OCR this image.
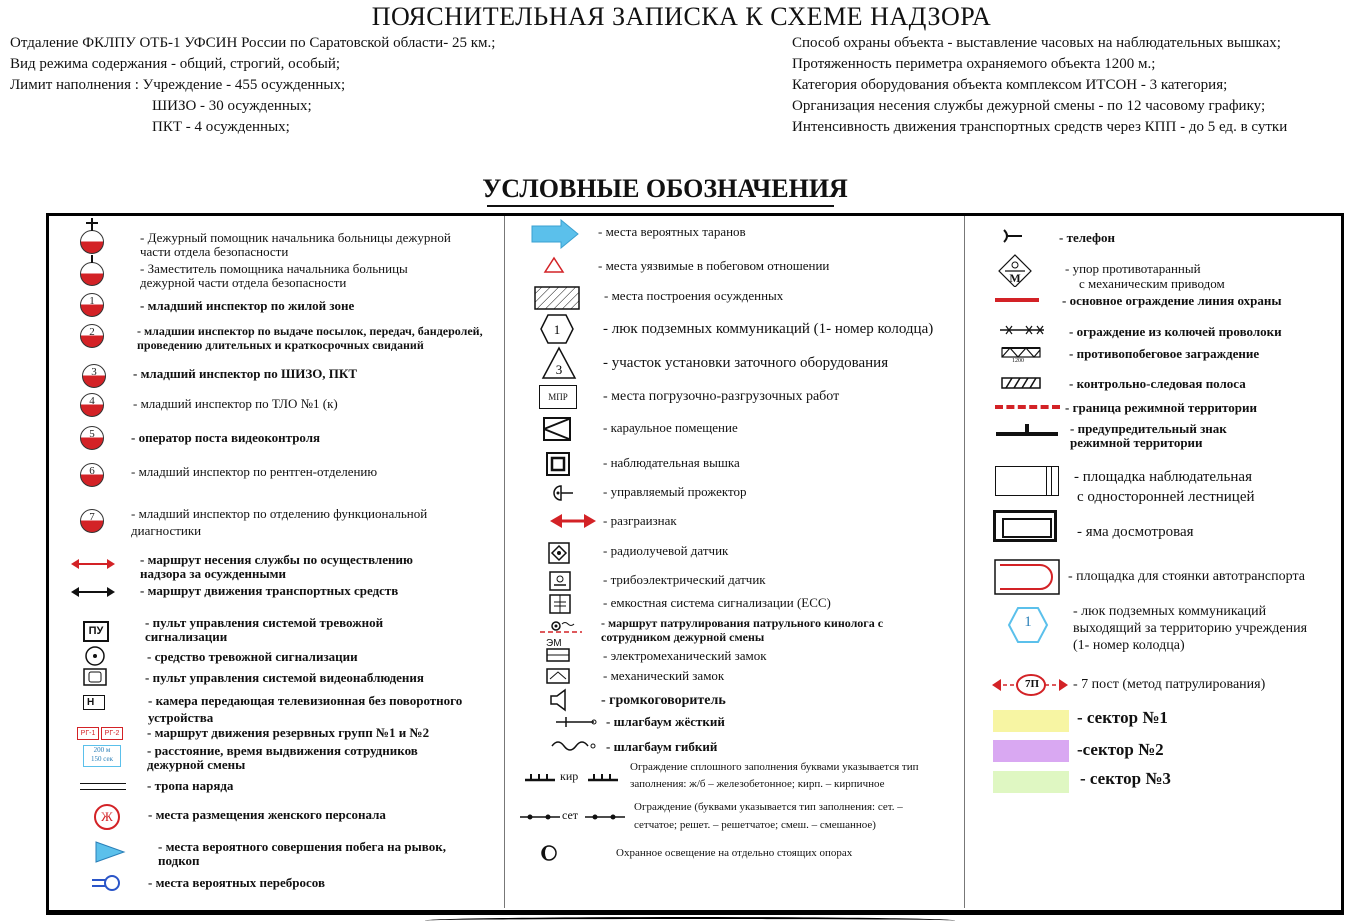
ПОЯСНИТЕЛЬНАЯ ЗАПИСКА К СХЕМЕ НАДЗОРА
Отдаление ФКЛПУ ОТБ-1 УФСИН России по Саратовской области- 25 км.;
Вид режима содержания - общий, строгий, особый;
Лимит наполнения : Учреждение - 455 осужденных;
ШИЗО - 30 осужденных;
ПКТ - 4 осужденных;
Способ охраны объекта - выставление часовых на наблюдательных вышках;
Протяженность периметра охраняемого объекта 1200 м.;
Категория оборудования объекта комплексом ИТСОН - 3 категория;
Организация несения службы дежурной смены - по 12 часовому графику;
Интенсивность движения транспортных средств через КПП - до 5 ед. в сутки
УСЛОВНЫЕ ОБОЗНАЧЕНИЯ
- Дежурный помощник начальника больницы дежурной части отдела безопасности
- Заместитель помощника начальника больницы дежурной части отдела безопасности
1	- младший инспектор по жилой зоне
2	- младшии инспектор по выдаче посылок, передач, бандеролей, проведению длительных и краткосрочных свиданий
3	- младший инспектор по ШИЗО, ПКТ
4	- младший инспектор по ТЛО №1 (к)
5	- оператор поста видеоконтроля
6	- младший инспектор по рентген-отделению
7	- младший инспектор по отделению функциональной диагностики
- маршрут несения службы по осуществлению надзора за осужденными
- маршрут движения транспортных средств
ПУ
- пульт управления системой тревожной сигнализации
- средство тревожной сигнализации
- пульт управления системой видеонаблюдения
Н	- камера передающая телевизионная без поворотного устройства
РГ-1	РГ-2 - маршрут движения резервных групп №1 и №2
200 м
150 сек
- расстояние, время выдвижения сотрудников дежурной смены
- тропа наряда
Ж	- места размещения женского персонала
- места вероятного совершения побега на рывок, подкоп
- места вероятных перебросов
- места вероятных таранов
- места уязвимые в побеговом отношении
- места построения осужденных
1	- люк подземных коммуникаций (1- номер колодца)
3	- участок установки заточного оборудования
МПР	- места погрузочно-разгрузочных работ
- караульное помещение
- наблюдательная вышка
- управляемый прожектор
- разграизнак
- радиолучевой датчик
- трибоэлектрический датчик
- емкостная система сигнализации (ЕСС)
- маршрут патрулирования патрульного кинолога с сотрудником дежурной смены
ЭМ
- электромеханический замок
- механический замок
- громкоговоритель
- шлагбаум жёсткий
- шлагбаум гибкий
кир
Ограждение сплошного заполнения буквами указывается тип
заполнения: ж/б – железобетонное; кирп. – кирпичное
сет
Ограждение (буквами указывается тип заполнения: сет. –
сетчатое; решет. – решетчатое; смеш. – смешанное)
Охранное освещение на отдельно стоящих опорах
- телефон
М
- упор противотаранный
с механическим приводом
- основное ограждение линия охраны
- ограждение из колючей проволоки
1200	- противопобеговое заграждение
- контрольно-следовая полоса
- граница режимной территории
- предупредительный знак
режимной территории
- площадка наблюдательная
с односторонней лестницей
- яма досмотровая
- площадка для стоянки автотранспорта
1
- люк подземных коммуникаций
выходящий за территорию учреждения
(1- номер колодца)
7П - 7 пост (метод патрулирования)
- сектор №1
-сектор №2
- сектор №3
